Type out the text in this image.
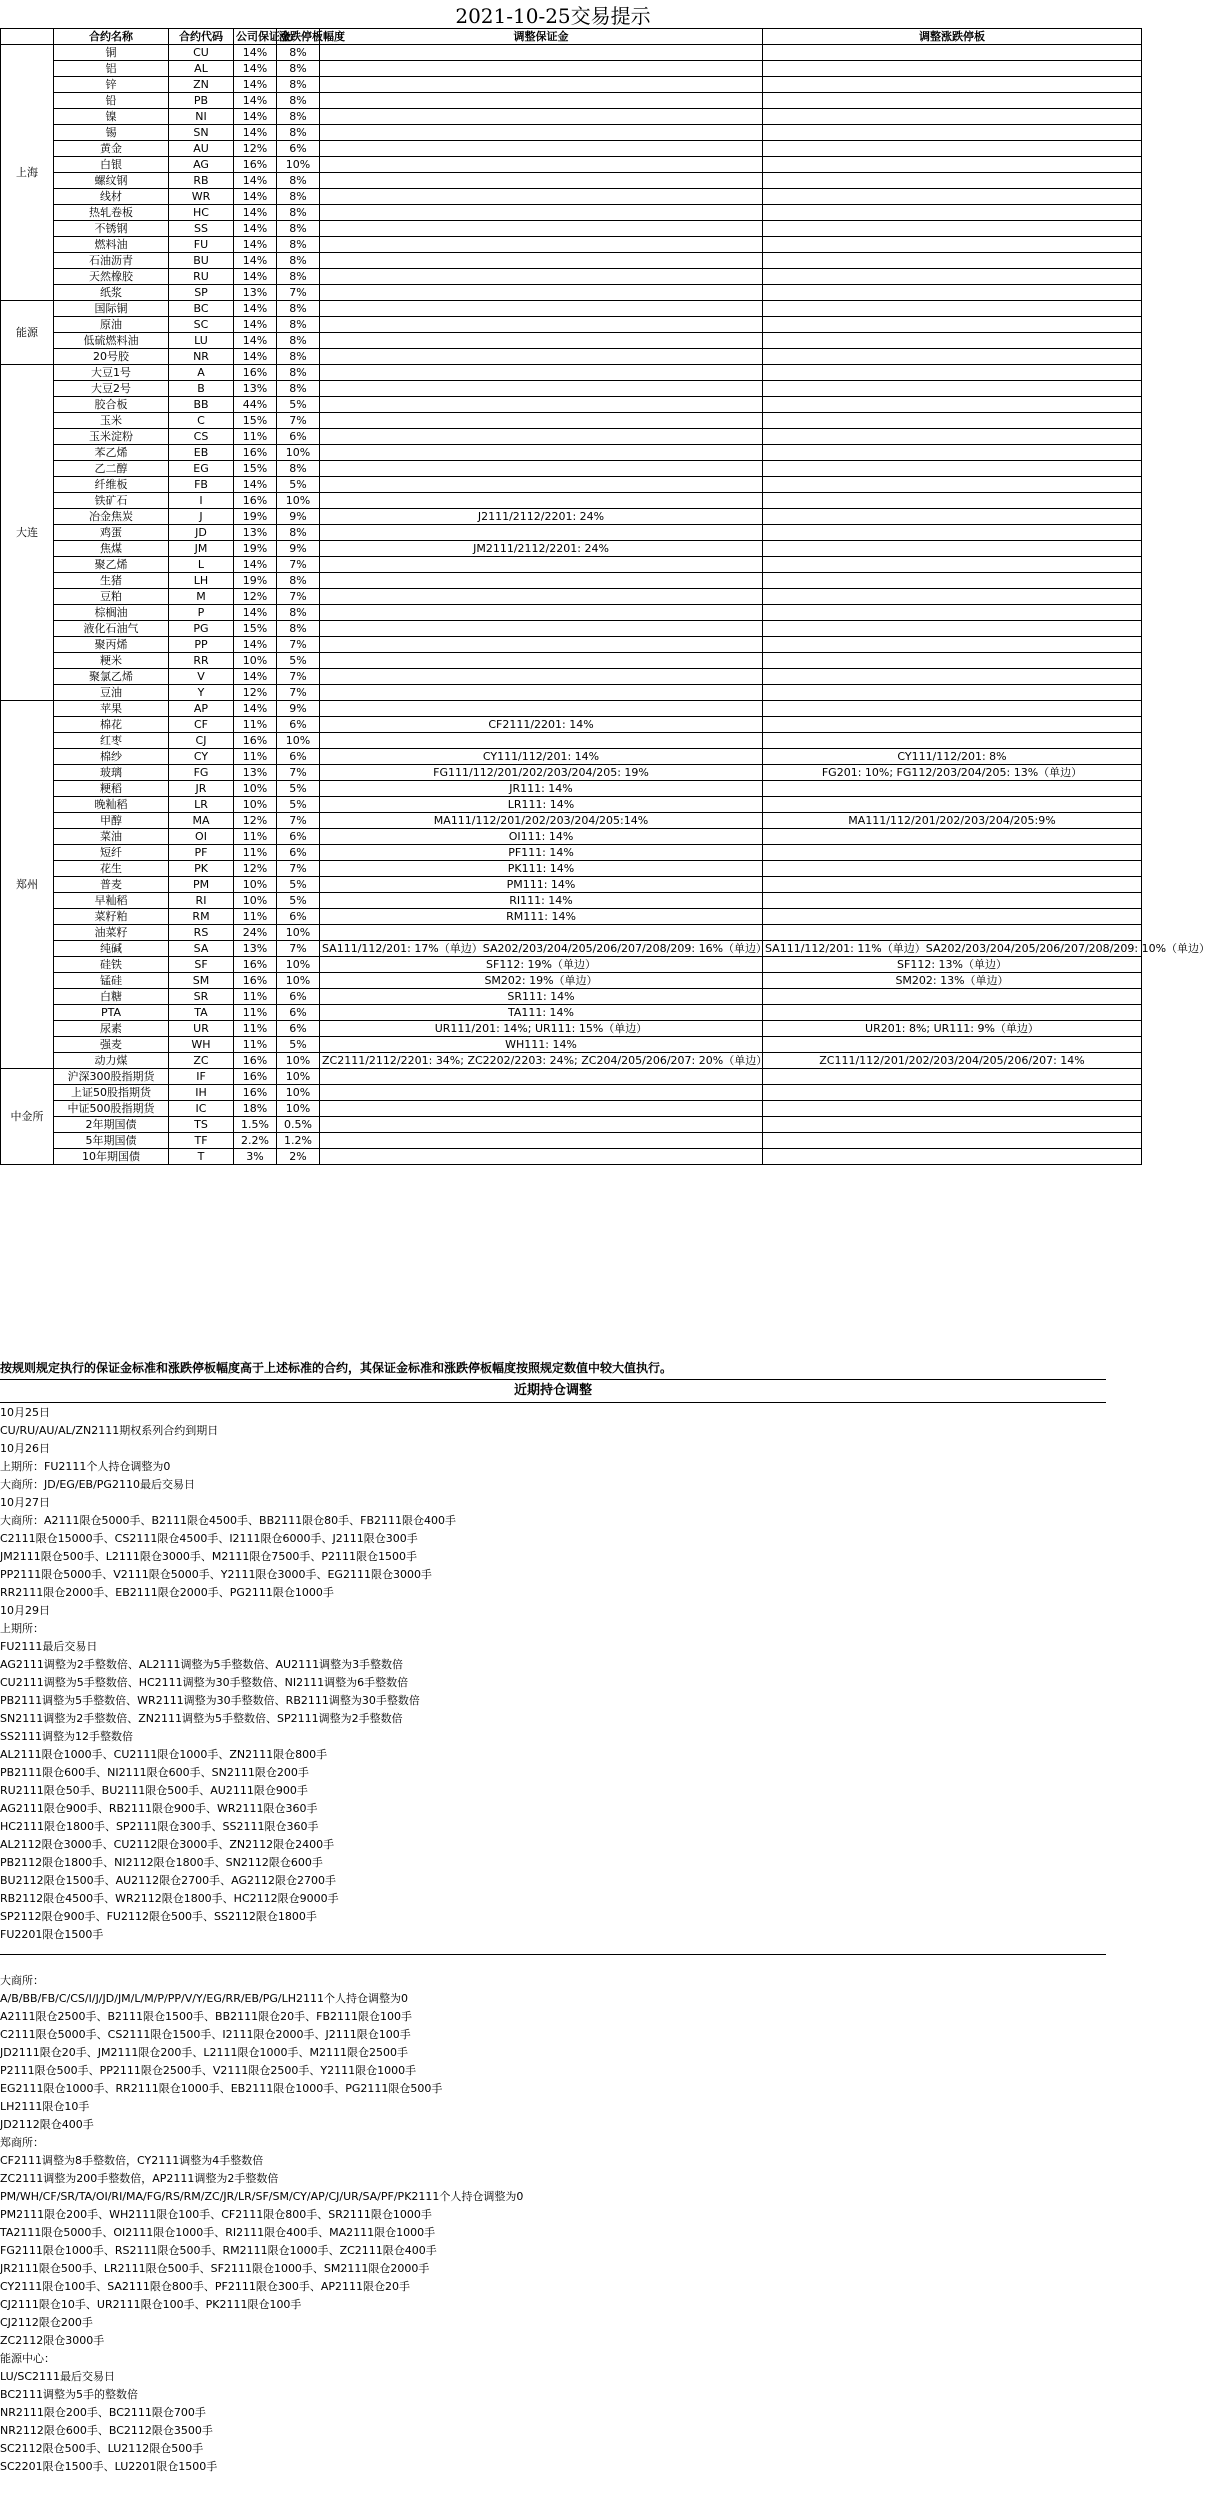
2021-10-25交易提示
	合约名称	合约代码	公司保证金	涨跌停板幅度	调整保证金	调整涨跌停板
上海	铜	CU	14%	8%		
	铝	AL	14%	8%		
	锌	ZN	14%	8%		
	铅	PB	14%	8%		
	镍	NI	14%	8%		
	锡	SN	14%	8%		
	黄金	AU	12%	6%		
	白银	AG	16%	10%		
	螺纹钢	RB	14%	8%		
	线材	WR	14%	8%		
	热轧卷板	HC	14%	8%		
	不锈钢	SS	14%	8%		
	燃料油	FU	14%	8%		
	石油沥青	BU	14%	8%		
	天然橡胶	RU	14%	8%		
	纸浆	SP	13%	7%		
能源	国际铜	BC	14%	8%		
	原油	SC	14%	8%		
	低硫燃料油	LU	14%	8%		
	20号胶	NR	14%	8%		
大连	大豆1号	A	16%	8%		
	大豆2号	B	13%	8%		
	胶合板	BB	44%	5%		
	玉米	C	15%	7%		
	玉米淀粉	CS	11%	6%		
	苯乙烯	EB	16%	10%		
	乙二醇	EG	15%	8%		
	纤维板	FB	14%	5%		
	铁矿石	I	16%	10%		
	冶金焦炭	J	19%	9%	J2111/2112/2201: 24%	
	鸡蛋	JD	13%	8%		
	焦煤	JM	19%	9%	JM2111/2112/2201: 24%	
	聚乙烯	L	14%	7%		
	生猪	LH	19%	8%		
	豆粕	M	12%	7%		
	棕榈油	P	14%	8%		
	液化石油气	PG	15%	8%		
	聚丙烯	PP	14%	7%		
	粳米	RR	10%	5%		
	聚氯乙烯	V	14%	7%		
	豆油	Y	12%	7%		
郑州	苹果	AP	14%	9%		
	棉花	CF	11%	6%	CF2111/2201: 14%	
	红枣	CJ	16%	10%		
	棉纱	CY	11%	6%	CY111/112/201: 14%	CY111/112/201: 8%
	玻璃	FG	13%	7%	FG111/112/201/202/203/204/205: 19%	FG201: 10%; FG112/203/204/205: 13%（单边）
	粳稻	JR	10%	5%	JR111: 14%	
	晚籼稻	LR	10%	5%	LR111: 14%	
	甲醇	MA	12%	7%	MA111/112/201/202/203/204/205:14%	MA111/112/201/202/203/204/205:9%
	菜油	OI	11%	6%	OI111: 14%	
	短纤	PF	11%	6%	PF111: 14%	
	花生	PK	12%	7%	PK111: 14%	
	普麦	PM	10%	5%	PM111: 14%	
	早籼稻	RI	10%	5%	RI111: 14%	
	菜籽粕	RM	11%	6%	RM111: 14%	
	油菜籽	RS	24%	10%		
	纯碱	SA	13%	7%	SA111/112/201: 17%（单边）SA202/203/204/205/206/207/208/209: 16%（单边）	SA111/112/201: 11%（单边）SA202/203/204/205/206/207/208/209: 10%（单边）
	硅铁	SF	16%	10%	SF112: 19%（单边）	SF112: 13%（单边）
	锰硅	SM	16%	10%	SM202: 19%（单边）	SM202: 13%（单边）
	白糖	SR	11%	6%	SR111: 14%	
	PTA	TA	11%	6%	TA111: 14%	
	尿素	UR	11%	6%	UR111/201: 14%; UR111: 15%（单边）	UR201: 8%; UR111: 9%（单边）
	强麦	WH	11%	5%	WH111: 14%	
	动力煤	ZC	16%	10%	ZC2111/2112/2201: 34%; ZC2202/2203: 24%; ZC204/205/206/207: 20%（单边）	ZC111/112/201/202/203/204/205/206/207: 14%
中金所	沪深300股指期货	IF	16%	10%		
	上证50股指期货	IH	16%	10%		
	中证500股指期货	IC	18%	10%		
	2年期国债	TS	1.5%	0.5%		
	5年期国债	TF	2.2%	1.2%		
	10年期国债	T	3%	2%		
按规则规定执行的保证金标准和涨跌停板幅度高于上述标准的合约，其保证金标准和涨跌停板幅度按照规定数值中较大值执行。
近期持仓调整
10月25日
CU/RU/AU/AL/ZN2111期权系列合约到期日
10月26日
上期所：FU2111个人持仓调整为0
大商所：JD/EG/EB/PG2110最后交易日
10月27日
大商所：A2111限仓5000手、B2111限仓4500手、BB2111限仓80手、FB2111限仓400手
C2111限仓15000手、CS2111限仓4500手、I2111限仓6000手、J2111限仓300手
JM2111限仓500手、L2111限仓3000手、M2111限仓7500手、P2111限仓1500手
PP2111限仓5000手、V2111限仓5000手、Y2111限仓3000手、EG2111限仓3000手
RR2111限仓2000手、EB2111限仓2000手、PG2111限仓1000手
10月29日
上期所：
FU2111最后交易日
AG2111调整为2手整数倍、AL2111调整为5手整数倍、AU2111调整为3手整数倍
CU2111调整为5手整数倍、HC2111调整为30手整数倍、NI2111调整为6手整数倍
PB2111调整为5手整数倍、WR2111调整为30手整数倍、RB2111调整为30手整数倍
SN2111调整为2手整数倍、ZN2111调整为5手整数倍、SP2111调整为2手整数倍
SS2111调整为12手整数倍
AL2111限仓1000手、CU2111限仓1000手、ZN2111限仓800手
PB2111限仓600手、NI2111限仓600手、SN2111限仓200手
RU2111限仓50手、BU2111限仓500手、AU2111限仓900手
AG2111限仓900手、RB2111限仓900手、WR2111限仓360手
HC2111限仓1800手、SP2111限仓300手、SS2111限仓360手
AL2112限仓3000手、CU2112限仓3000手、ZN2112限仓2400手
PB2112限仓1800手、NI2112限仓1800手、SN2112限仓600手
BU2112限仓1500手、AU2112限仓2700手、AG2112限仓2700手
RB2112限仓4500手、WR2112限仓1800手、HC2112限仓9000手
SP2112限仓900手、FU2112限仓500手、SS2112限仓1800手
FU2201限仓1500手
大商所：
A/B/BB/FB/C/CS/I/J/JD/JM/L/M/P/PP/V/Y/EG/RR/EB/PG/LH2111个人持仓调整为0
A2111限仓2500手、B2111限仓1500手、BB2111限仓20手、FB2111限仓100手
C2111限仓5000手、CS2111限仓1500手、I2111限仓2000手、J2111限仓100手
JD2111限仓20手、JM2111限仓200手、L2111限仓1000手、M2111限仓2500手
P2111限仓500手、PP2111限仓2500手、V2111限仓2500手、Y2111限仓1000手
EG2111限仓1000手、RR2111限仓1000手、EB2111限仓1000手、PG2111限仓500手
LH2111限仓10手
JD2112限仓400手
郑商所：
CF2111调整为8手整数倍，CY2111调整为4手整数倍
ZC2111调整为200手整数倍，AP2111调整为2手整数倍
PM/WH/CF/SR/TA/OI/RI/MA/FG/RS/RM/ZC/JR/LR/SF/SM/CY/AP/CJ/UR/SA/PF/PK2111个人持仓调整为0
PM2111限仓200手、WH2111限仓100手、CF2111限仓800手、SR2111限仓1000手
TA2111限仓5000手、OI2111限仓1000手、RI2111限仓400手、MA2111限仓1000手
FG2111限仓1000手、RS2111限仓500手、RM2111限仓1000手、ZC2111限仓400手
JR2111限仓500手、LR2111限仓500手、SF2111限仓1000手、SM2111限仓2000手
CY2111限仓100手、SA2111限仓800手、PF2111限仓300手、AP2111限仓20手
CJ2111限仓10手、UR2111限仓100手、PK2111限仓100手
CJ2112限仓200手
ZC2112限仓3000手
能源中心：
LU/SC2111最后交易日
BC2111调整为5手的整数倍
NR2111限仓200手、BC2111限仓700手
NR2112限仓600手、BC2112限仓3500手
SC2112限仓500手、LU2112限仓500手
SC2201限仓1500手、LU2201限仓1500手
